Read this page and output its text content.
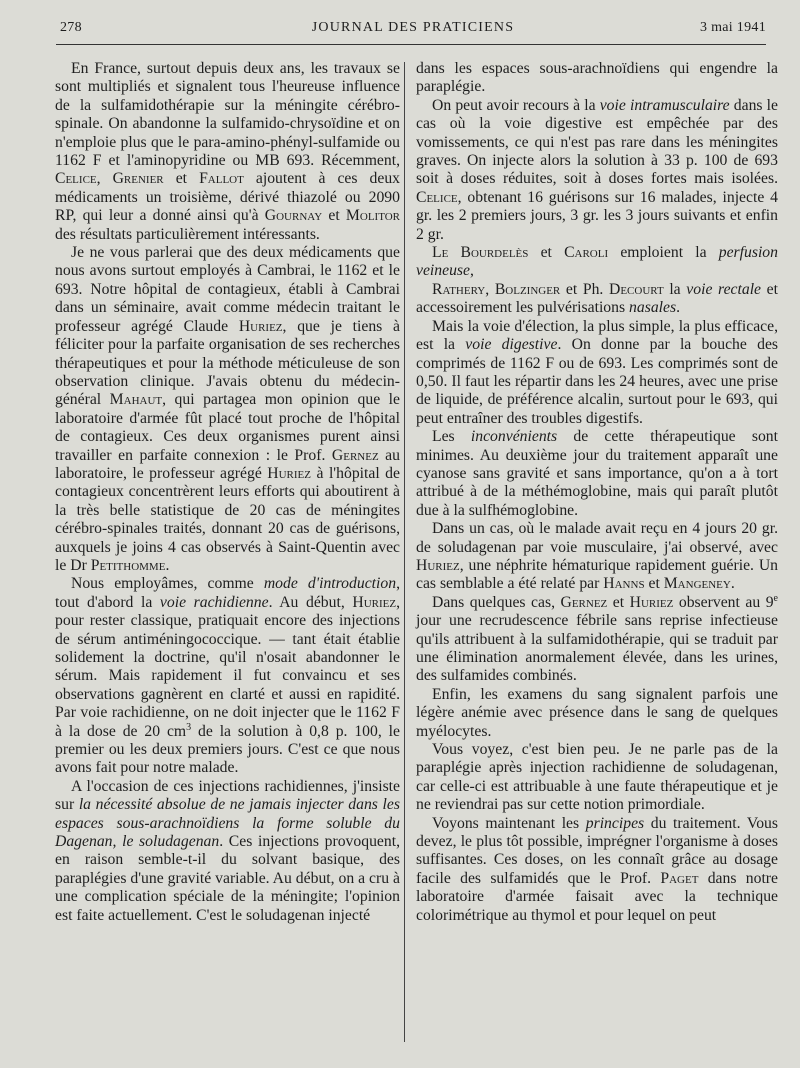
278	JOURNAL DES PRATICIENS	3 mai 1941

En France, surtout depuis deux ans, les travaux se sont multipliés et signalent tous l'heureuse influence de la sulfamidothérapie sur la méningite cérébro-spinale. On abandonne la sulfamido-chrysoïdine et on n'emploie plus que le para-amino-phényl-sulfamide ou 1162 F et l'aminopyridine ou MB 693. Récemment, Celice, Grenier et Fallot ajoutent à ces deux médicaments un troisième, dérivé thiazolé ou 2090 RP, qui leur a donné ainsi qu'à Gournay et Molitor des résultats particulièrement intéressants.

Je ne vous parlerai que des deux médicaments que nous avons surtout employés à Cambrai, le 1162 et le 693. Notre hôpital de contagieux, établi à Cambrai dans un séminaire, avait comme médecin traitant le professeur agrégé Claude Huriez, que je tiens à féliciter pour la parfaite organisation de ses recherches thérapeutiques et pour la méthode méticuleuse de son observation clinique. J'avais obtenu du médecin-général Mahaut, qui partagea mon opinion que le laboratoire d'armée fût placé tout proche de l'hôpital de contagieux. Ces deux organismes purent ainsi travailler en parfaite connexion : le Prof. Gernez au laboratoire, le professeur agrégé Huriez à l'hôpital de contagieux concentrèrent leurs efforts qui aboutirent à la très belle statistique de 20 cas de méningites cérébro-spinales traités, donnant 20 cas de guérisons, auxquels je joins 4 cas observés à Saint-Quentin avec le Dr Petithomme.

Nous employâmes, comme mode d'introduction, tout d'abord la voie rachidienne. Au début, Huriez, pour rester classique, pratiquait encore des injections de sérum antiméningococcique. — tant était établie solidement la doctrine, qu'il n'osait abandonner le sérum. Mais rapidement il fut convaincu et ses observations gagnèrent en clarté et aussi en rapidité. Par voie rachidienne, on ne doit injecter que le 1162 F à la dose de 20 $cm^3$ de la solution à 0,8 p. 100, le premier ou les deux premiers jours. C'est ce que nous avons fait pour notre malade.

A l'occasion de ces injections rachidiennes, j'insiste sur la nécessité absolue de ne jamais injecter dans les espaces sous-arachnoïdiens la forme soluble du Dagenan, le soludagenan. Ces injections provoquent, en raison semble-t-il du solvant basique, des paraplégies d'une gravité variable. Au début, on a cru à une complication spéciale de la méningite; l'opinion est faite actuellement. C'est le soludagenan injecté

dans les espaces sous-arachnoïdiens qui engendre la paraplégie.

On peut avoir recours à la voie intramusculaire dans le cas où la voie digestive est empêchée par des vomissements, ce qui n'est pas rare dans les méningites graves. On injecte alors la solution à 33 p. 100 de 693 soit à doses réduites, soit à doses fortes mais isolées. Celice, obtenant 16 guérisons sur 16 malades, injecte 4 gr. les 2 premiers jours, 3 gr. les 3 jours suivants et enfin 2 gr.

Le Bourdelès et Caroli emploient la perfusion veineuse,

Rathery, Bolzinger et Ph. Decourt la voie rectale et accessoirement les pulvérisations nasales.

Mais la voie d'élection, la plus simple, la plus efficace, est la voie digestive. On donne par la bouche des comprimés de 1162 F ou de 693. Les comprimés sont de 0,50. Il faut les répartir dans les 24 heures, avec une prise de liquide, de préférence alcalin, surtout pour le 693, qui peut entraîner des troubles digestifs.

Les inconvénients de cette thérapeutique sont minimes. Au deuxième jour du traitement apparaît une cyanose sans gravité et sans importance, qu'on a à tort attribué à de la méthémoglobine, mais qui paraît plutôt due à la sulfhémoglobine.

Dans un cas, où le malade avait reçu en 4 jours 20 gr. de soludagenan par voie musculaire, j'ai observé, avec Huriez, une néphrite hématurique rapidement guérie. Un cas semblable a été relaté par Hanns et Mangeney.

Dans quelques cas, Gernez et Huriez observent au 9e jour une recrudescence fébrile sans reprise infectieuse qu'ils attribuent à la sulfamidothérapie, qui se traduit par une élimination anormalement élevée, dans les urines, des sulfamides combinés.

Enfin, les examens du sang signalent parfois une légère anémie avec présence dans le sang de quelques myélocytes.

Vous voyez, c'est bien peu. Je ne parle pas de la paraplégie après injection rachidienne de soludagenan, car celle-ci est attribuable à une faute thérapeutique et je ne reviendrai pas sur cette notion primordiale.

Voyons maintenant les principes du traitement. Vous devez, le plus tôt possible, imprégner l'organisme à doses suffisantes. Ces doses, on les connaît grâce au dosage facile des sulfamidés que le Prof. Paget dans notre laboratoire d'armée faisait avec la technique colorimétrique au thymol et pour lequel on peut
